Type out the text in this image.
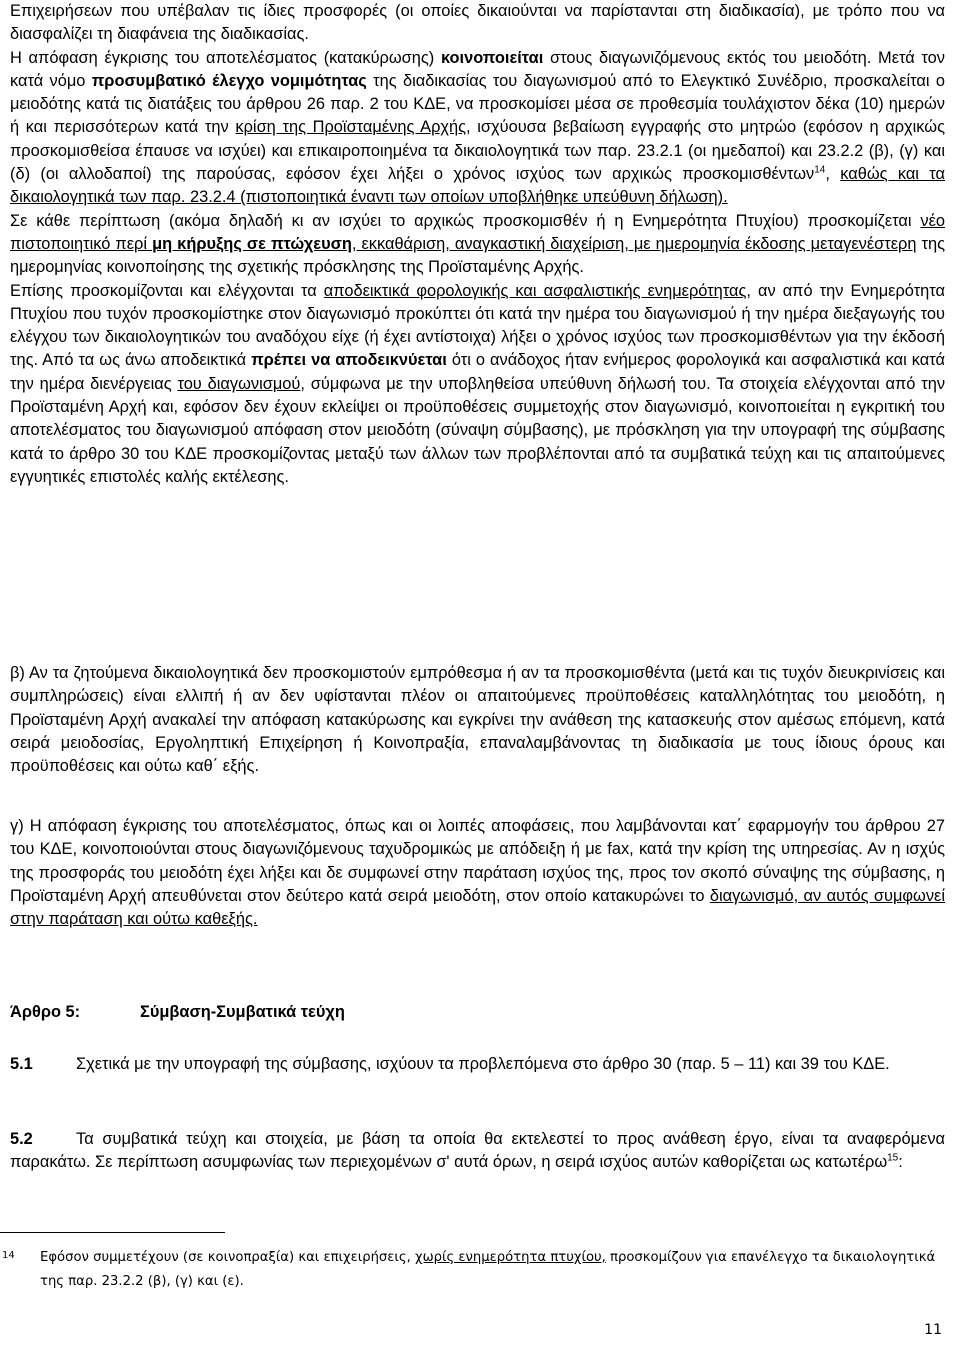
Επιχειρήσεων που υπέβαλαν τις ίδιες προσφορές (οι οποίες δικαιούνται να παρίστανται στη διαδικασία), με τρόπο που να διασφαλίζει τη διαφάνεια της διαδικασίας.
Η απόφαση έγκρισης του αποτελέσματος (κατακύρωσης) κοινοποιείται στους διαγωνιζόμενους εκτός του μειοδότη. Μετά τον κατά νόμο προσυμβατικό έλεγχο νομιμότητας της διαδικασίας του διαγωνισμού από το Ελεγκτικό Συνέδριο, προσκαλείται ο μειοδότης κατά τις διατάξεις του άρθρου 26 παρ. 2 του ΚΔΕ, να προσκομίσει μέσα σε προθεσμία τουλάχιστον δέκα (10) ημερών ή και περισσότερων κατά την κρίση της Προϊσταμένης Αρχής, ισχύουσα βεβαίωση εγγραφής στο μητρώο (εφόσον η αρχικώς προσκομισθείσα έπαυσε να ισχύει) και επικαιροποιημένα τα δικαιολογητικά των παρ. 23.2.1 (οι ημεδαποί) και 23.2.2 (β), (γ) και (δ) (οι αλλοδαποί) της παρούσας, εφόσον έχει λήξει ο χρόνος ισχύος των αρχικώς προσκομισθέντων$^{14}$, καθώς και τα δικαιολογητικά των παρ. 23.2.4 (πιστοποιητικά έναντι των οποίων υποβλήθηκε υπεύθυνη δήλωση).
Σε κάθε περίπτωση (ακόμα δηλαδή κι αν ισχύει το αρχικώς προσκομισθέν ή η Ενημερότητα Πτυχίου) προσκομίζεται νέο πιστοποιητικό περί μη κήρυξης σε πτώχευση, εκκαθάριση, αναγκαστική διαχείριση, με ημερομηνία έκδοσης μεταγενέστερη της ημερομηνίας κοινοποίησης της σχετικής πρόσκλησης της Προϊσταμένης Αρχής.
Επίσης προσκομίζονται και ελέγχονται τα αποδεικτικά φορολογικής και ασφαλιστικής ενημερότητας, αν από την Ενημερότητα Πτυχίου που τυχόν προσκομίστηκε στον διαγωνισμό προκύπτει ότι κατά την ημέρα του διαγωνισμού ή την ημέρα διεξαγωγής του ελέγχου των δικαιολογητικών του αναδόχου είχε (ή έχει αντίστοιχα) λήξει ο χρόνος ισχύος των προσκομισθέντων για την έκδοσή της. Από τα ως άνω αποδεικτικά πρέπει να αποδεικνύεται ότι ο ανάδοχος ήταν ενήμερος φορολογικά και ασφαλιστικά και κατά την ημέρα διενέργειας του διαγωνισμού, σύμφωνα με την υποβληθείσα υπεύθυνη δήλωσή του. Τα στοιχεία ελέγχονται από την Προϊσταμένη Αρχή και, εφόσον δεν έχουν εκλείψει οι προϋποθέσεις συμμετοχής στον διαγωνισμό, κοινοποιείται η εγκριτική του αποτελέσματος του διαγωνισμού απόφαση στον μειοδότη (σύναψη σύμβασης), με πρόσκληση για την υπογραφή της σύμβασης κατά το άρθρο 30 του ΚΔΕ προσκομίζοντας μεταξύ των άλλων των προβλέπονται από τα συμβατικά τεύχη και τις απαιτούμενες εγγυητικές επιστολές καλής εκτέλεσης.

β) Αν τα ζητούμενα δικαιολογητικά δεν προσκομιστούν εμπρόθεσμα ή αν τα προσκομισθέντα (μετά και τις τυχόν διευκρινίσεις και συμπληρώσεις) είναι ελλιπή ή αν δεν υφίστανται πλέον οι απαιτούμενες προϋποθέσεις καταλληλότητας του μειοδότη, η Προϊσταμένη Αρχή ανακαλεί την απόφαση κατακύρωσης και εγκρίνει την ανάθεση της κατασκευής στον αμέσως επόμενη, κατά σειρά μειοδοσίας, Εργοληπτική Επιχείρηση ή Κοινοπραξία, επαναλαμβάνοντας τη διαδικασία με τους ίδιους όρους και προϋποθέσεις και ούτω καθ΄ εξής.

γ) Η απόφαση έγκρισης του αποτελέσματος, όπως και οι λοιπές αποφάσεις, που λαμβάνονται κατ΄ εφαρμογήν του άρθρου 27 του ΚΔΕ, κοινοποιούνται στους διαγωνιζόμενους ταχυδρομικώς με απόδειξη ή με fax, κατά την κρίση της υπηρεσίας. Αν η ισχύς της προσφοράς του μειοδότη έχει λήξει και δε συμφωνεί στην παράταση ισχύος της, προς τον σκοπό σύναψης της σύμβασης, η Προϊσταμένη Αρχή απευθύνεται στον δεύτερο κατά σειρά μειοδότη, στον οποίο κατακυρώνει το διαγωνισμό, αν αυτός συμφωνεί στην παράταση και ούτω καθεξής.

Άρθρο 5:	Σύμβαση-Συμβατικά τεύχη

5.1	Σχετικά με την υπογραφή της σύμβασης, ισχύουν τα προβλεπόμενα στο άρθρο 30 (παρ. 5 – 11) και 39 του ΚΔΕ.

5.2	Τα συμβατικά τεύχη και στοιχεία, με βάση τα οποία θα εκτελεστεί το προς ανάθεση έργο, είναι τα αναφερόμενα παρακάτω. Σε περίπτωση ασυμφωνίας των περιεχομένων σ' αυτά όρων, η σειρά ισχύος αυτών καθορίζεται ως κατωτέρω$^{15}$:

14	Εφόσον συμμετέχουν (σε κοινοπραξία) και επιχειρήσεις, χωρίς ενημερότητα πτυχίου, προσκομίζουν για επανέλεγχο τα δικαιολογητικά της παρ. 23.2.2 (β), (γ) και (ε).

11
